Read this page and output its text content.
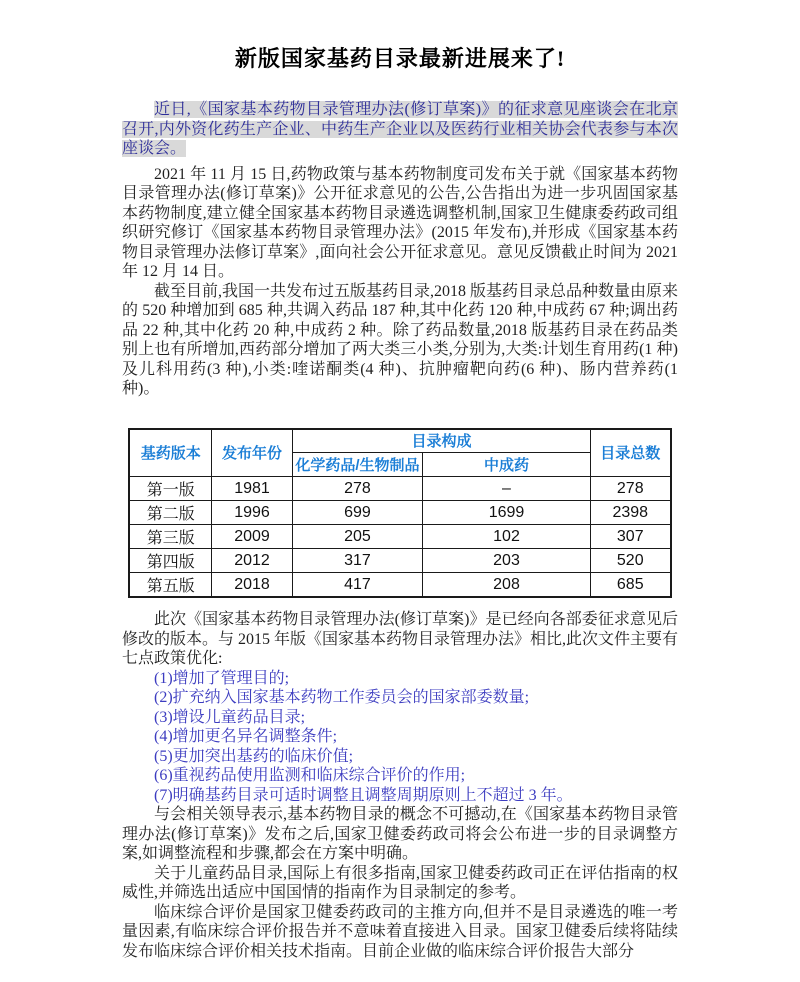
新版国家基药目录最新进展来了!

近日,《国家基本药物目录管理办法(修订草案)》的征求意见座谈会在北京召开,内外资化药生产企业、中药生产企业以及医药行业相关协会代表参与本次座谈会。

2021 年 11 月 15 日,药物政策与基本药物制度司发布关于就《国家基本药物目录管理办法(修订草案)》公开征求意见的公告,公告指出为进一步巩固国家基本药物制度,建立健全国家基本药物目录遴选调整机制,国家卫生健康委药政司组织研究修订《国家基本药物目录管理办法》(2015 年发布),并形成《国家基本药物目录管理办法修订草案》,面向社会公开征求意见。意见反馈截止时间为 2021 年 12 月 14 日。

截至目前,我国一共发布过五版基药目录,2018 版基药目录总品种数量由原来的 520 种增加到 685 种,共调入药品 187 种,其中化药 120 种,中成药 67 种;调出药品 22 种,其中化药 20 种,中成药 2 种。除了药品数量,2018 版基药目录在药品类别上也有所增加,西药部分增加了两大类三小类,分别为,大类:计划生育用药(1 种)及儿科用药(3 种),小类:喹诺酮类(4 种)、抗肿瘤靶向药(6 种)、肠内营养药(1 种)。

基药版本	发布年份	目录构成		目录总数
		化学药品/生物制品	中成药	
第一版	1981	278	–	278
第二版	1996	699	1699	2398
第三版	2009	205	102	307
第四版	2012	317	203	520
第五版	2018	417	208	685

此次《国家基本药物目录管理办法(修订草案)》是已经向各部委征求意见后修改的版本。与 2015 年版《国家基本药物目录管理办法》相比,此次文件主要有七点政策优化:

(1)增加了管理目的;

(2)扩充纳入国家基本药物工作委员会的国家部委数量;

(3)增设儿童药品目录;

(4)增加更名异名调整条件;

(5)更加突出基药的临床价值;

(6)重视药品使用监测和临床综合评价的作用;

(7)明确基药目录可适时调整且调整周期原则上不超过 3 年。

与会相关领导表示,基本药物目录的概念不可撼动,在《国家基本药物目录管理办法(修订草案)》发布之后,国家卫健委药政司将会公布进一步的目录调整方案,如调整流程和步骤,都会在方案中明确。

关于儿童药品目录,国际上有很多指南,国家卫健委药政司正在评估指南的权威性,并筛选出适应中国国情的指南作为目录制定的参考。

临床综合评价是国家卫健委药政司的主推方向,但并不是目录遴选的唯一考量因素,有临床综合评价报告并不意味着直接进入目录。国家卫健委后续将陆续发布临床综合评价相关技术指南。目前企业做的临床综合评价报告大部分
